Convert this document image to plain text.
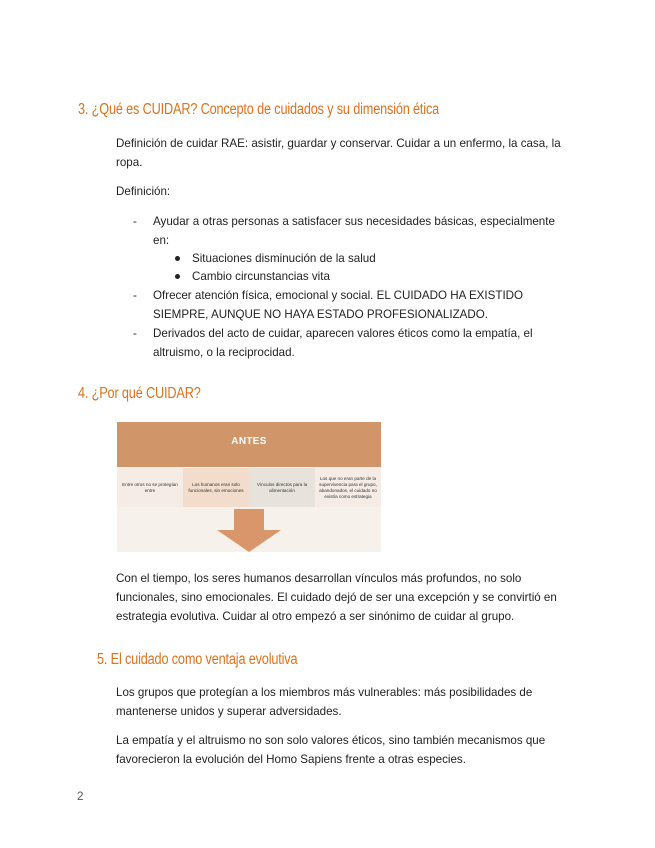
3. ¿Qué es CUIDAR? Concepto de cuidados y su dimensión ética
Definición de cuidar RAE: asistir, guardar y conservar. Cuidar a un enfermo, la casa, la
ropa.
Definición:
- Ayudar a otras personas a satisfacer sus necesidades básicas, especialmente
en:
Situaciones disminución de la salud
Cambio circunstancias vita
- Ofrecer atención física, emocional y social. EL CUIDADO HA EXISTIDO
SIEMPRE, AUNQUE NO HAYA ESTADO PROFESIONALIZADO.
- Derivados del acto de cuidar, aparecen valores éticos como la empatía, el
altruismo, o la reciprocidad.
4. ¿Por qué CUIDAR?
ANTES
Entre otros no se protegían entre
Los humanos eran solo funcionales, sin emociones
Vínculos directos para la alimentación
Los que no eran parte de la supervivencia para el grupo, abandonados, el cuidado no existía como estrategia
Con el tiempo, los seres humanos desarrollan vínculos más profundos, no solo
funcionales, sino emocionales. El cuidado dejó de ser una excepción y se convirtió en
estrategia evolutiva. Cuidar al otro empezó a ser sinónimo de cuidar al grupo.
5. El cuidado como ventaja evolutiva
Los grupos que protegían a los miembros más vulnerables: más posibilidades de
mantenerse unidos y superar adversidades.
La empatía y el altruismo no son solo valores éticos, sino también mecanismos que
favorecieron la evolución del Homo Sapiens frente a otras especies.
2
